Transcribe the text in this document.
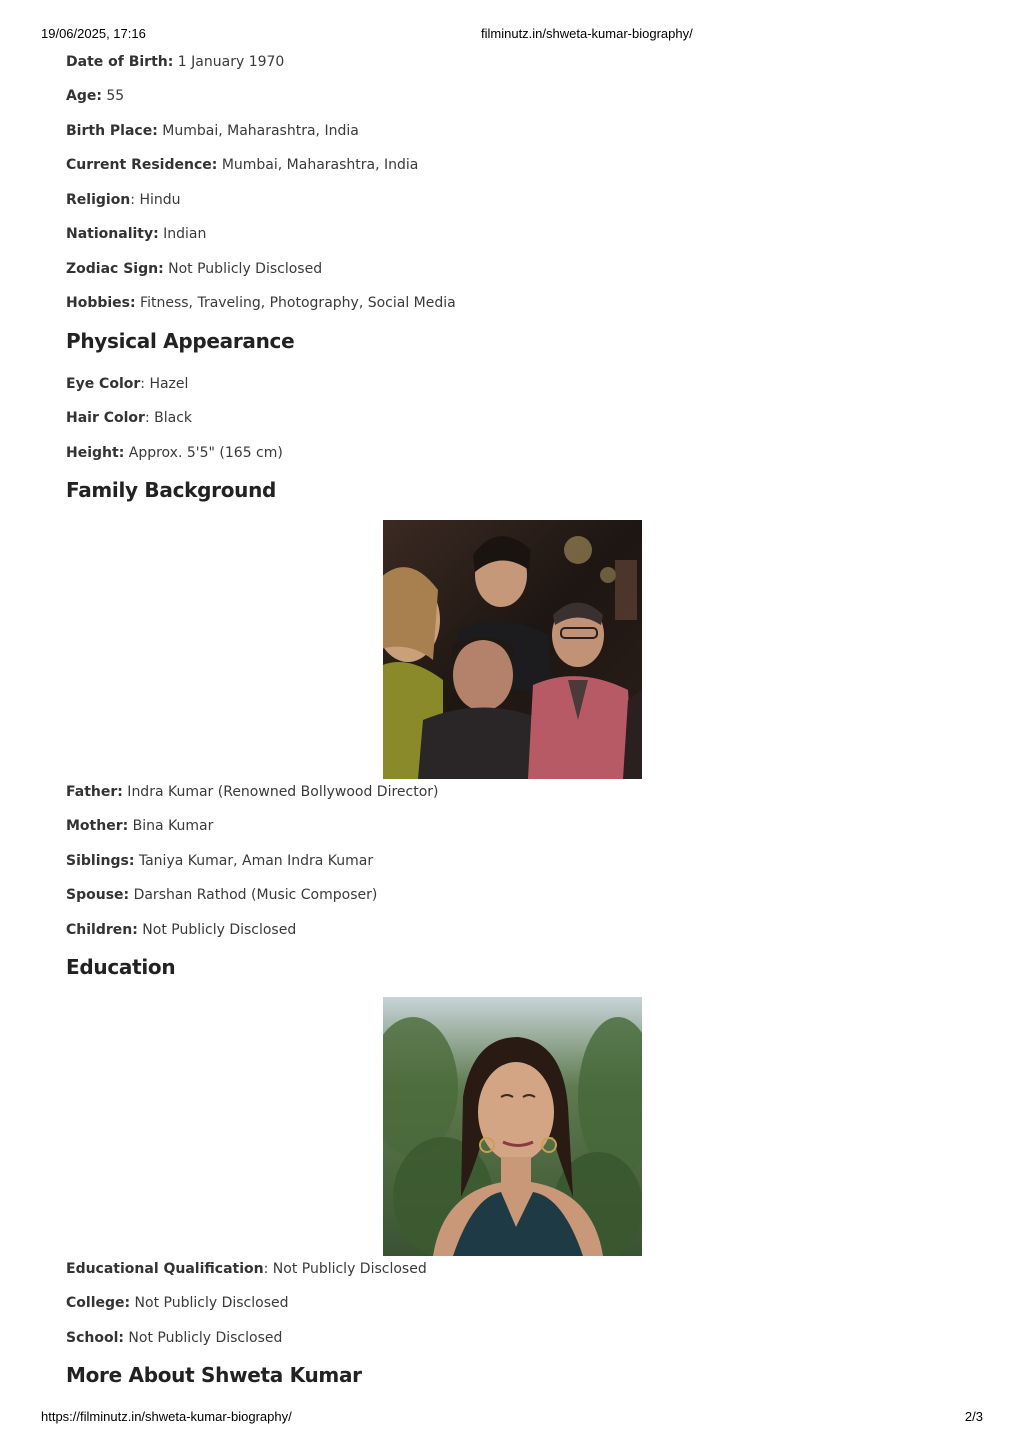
19/06/2025, 17:16	filminutz.in/shweta-kumar-biography/
Date of Birth: 1 January 1970
Age: 55
Birth Place: Mumbai, Maharashtra, India
Current Residence: Mumbai, Maharashtra, India
Religion: Hindu
Nationality: Indian
Zodiac Sign: Not Publicly Disclosed
Hobbies: Fitness, Traveling, Photography, Social Media
Physical Appearance
Eye Color: Hazel
Hair Color: Black
Height: Approx. 5'5" (165 cm)
Family Background
Father: Indra Kumar (Renowned Bollywood Director)
Mother: Bina Kumar
Siblings: Taniya Kumar, Aman Indra Kumar
Spouse: Darshan Rathod (Music Composer)
Children: Not Publicly Disclosed
Education
Educational Qualification: Not Publicly Disclosed
College: Not Publicly Disclosed
School: Not Publicly Disclosed
More About Shweta Kumar
https://filminutz.in/shweta-kumar-biography/	2/3
